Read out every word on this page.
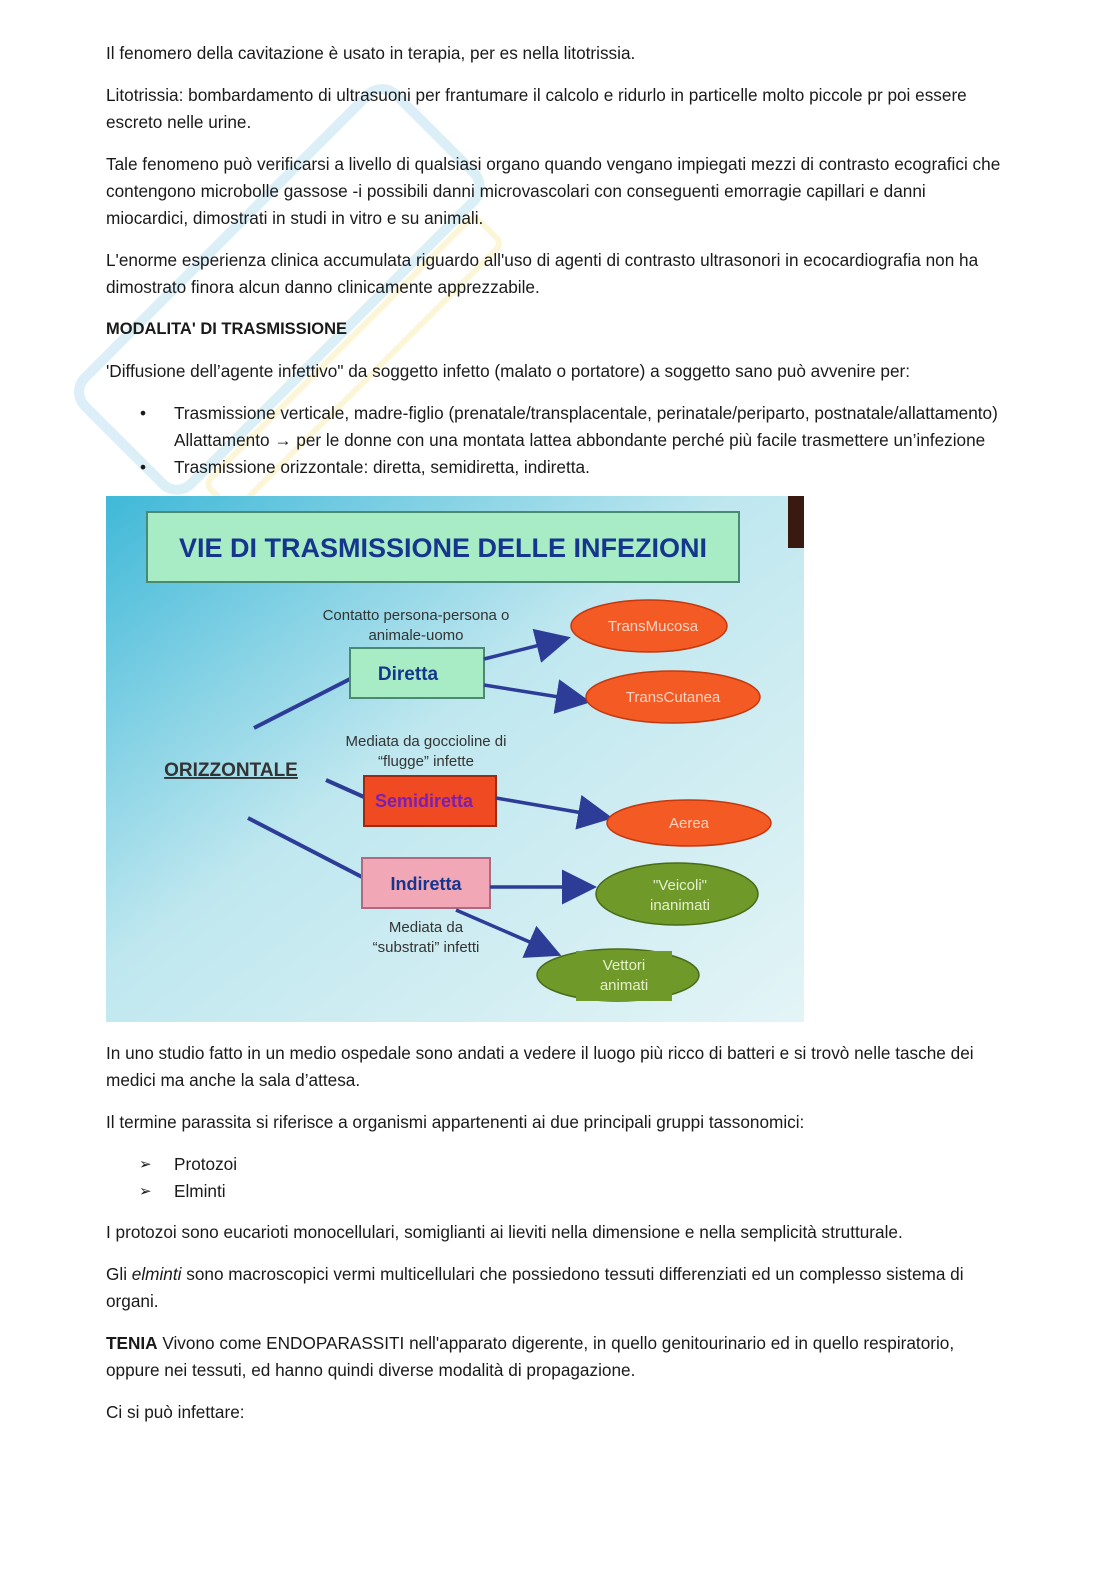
Il fenomero della cavitazione è usato in terapia, per es nella litotrissia.

Litotrissia: bombardamento di ultrasuoni per frantumare il calcolo e ridurlo in particelle molto piccole pr poi essere escreto nelle urine.

Tale fenomeno può verificarsi a livello di qualsiasi organo quando vengano impiegati mezzi di contrasto ecografici che contengono microbolle gassose -i possibili danni microvascolari con conseguenti emorragie capillari e danni miocardici, dimostrati in studi in vitro e su animali.

L'enorme esperienza clinica accumulata riguardo all'uso di agenti di contrasto ultrasonori in ecocardiografia non ha dimostrato finora alcun danno clinicamente apprezzabile.

MODALITA' DI TRASMISSIONE

'Diffusione dell’agente infettivo" da soggetto infetto (malato o portatore) a soggetto sano può avvenire per:

• Trasmissione verticale, madre-figlio (prenatale/transplacentale, perinatale/periparto, postnatale/allattamento)
Allattamento → per le donne con una montata lattea abbondante perché più facile trasmettere un’infezione
• Trasmissione orizzontale: diretta, semidiretta, indiretta.
VIE DI TRASMISSIONE DELLE INFEZIONI
ORIZZONTALE
Contatto persona-persona o
animale-uomo
Diretta
TransMucosa
TransCutanea
Mediata da goccioline di
“flugge” infette
Semidiretta
Aerea
Indiretta
Mediata da
“substrati” infetti
"Veicoli"
inanimati
Vettori
animati

In uno studio fatto in un medio ospedale sono andati a vedere il luogo più ricco di batteri e si trovò nelle tasche dei medici ma anche la sala d’attesa.

Il termine parassita si riferisce a organismi appartenenti ai due principali gruppi tassonomici:

➢ Protozoi
➢ Elminti

I protozoi sono eucarioti monocellulari, somiglianti ai lieviti nella dimensione e nella semplicità strutturale.

Gli elminti sono macroscopici vermi multicellulari che possiedono tessuti differenziati ed un complesso sistema di organi.

TENIA Vivono come ENDOPARASSITI nell'apparato digerente, in quello genitourinario ed in quello respiratorio, oppure nei tessuti, ed hanno quindi diverse modalità di propagazione.

Ci si può infettare:
